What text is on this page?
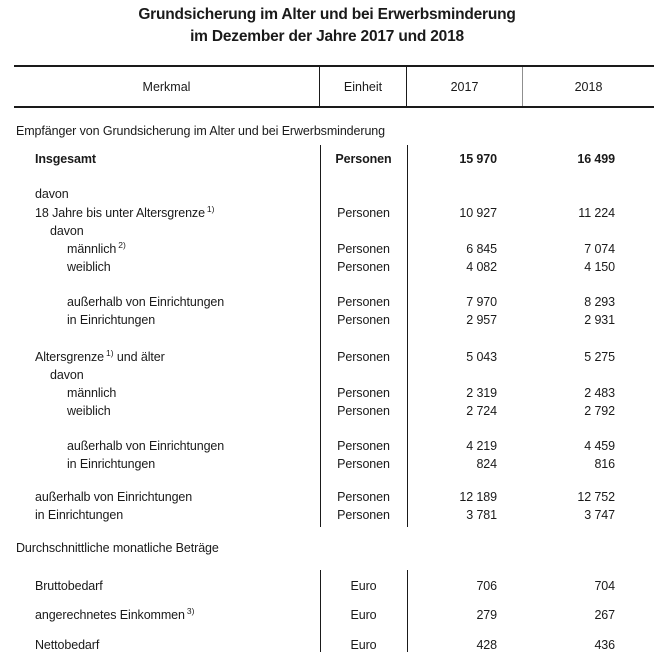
Grundsicherung im Alter und bei Erwerbsminderung
im Dezember der Jahre 2017 und 2018
Merkmal	Einheit	2017	2018
Empfänger von Grundsicherung im Alter und bei Erwerbsminderung
Insgesamt	Personen	15 970	16 499
davon
18 Jahre bis unter Altersgrenze $^{1)}$	Personen	10 927	11 224
davon
männlich $^{2)}$	Personen	6 845	7 074
weiblich	Personen	4 082	4 150
außerhalb von Einrichtungen	Personen	7 970	8 293
in Einrichtungen	Personen	2 957	2 931
Altersgrenze $^{1)}$ und älter	Personen	5 043	5 275
davon
männlich	Personen	2 319	2 483
weiblich	Personen	2 724	2 792
außerhalb von Einrichtungen	Personen	4 219	4 459
in Einrichtungen	Personen	824	816
außerhalb von Einrichtungen	Personen	12 189	12 752
in Einrichtungen	Personen	3 781	3 747
Durchschnittliche monatliche Beträge
Bruttobedarf	Euro	706	704
angerechnetes Einkommen $^{3)}$	Euro	279	267
Nettobedarf	Euro	428	436
